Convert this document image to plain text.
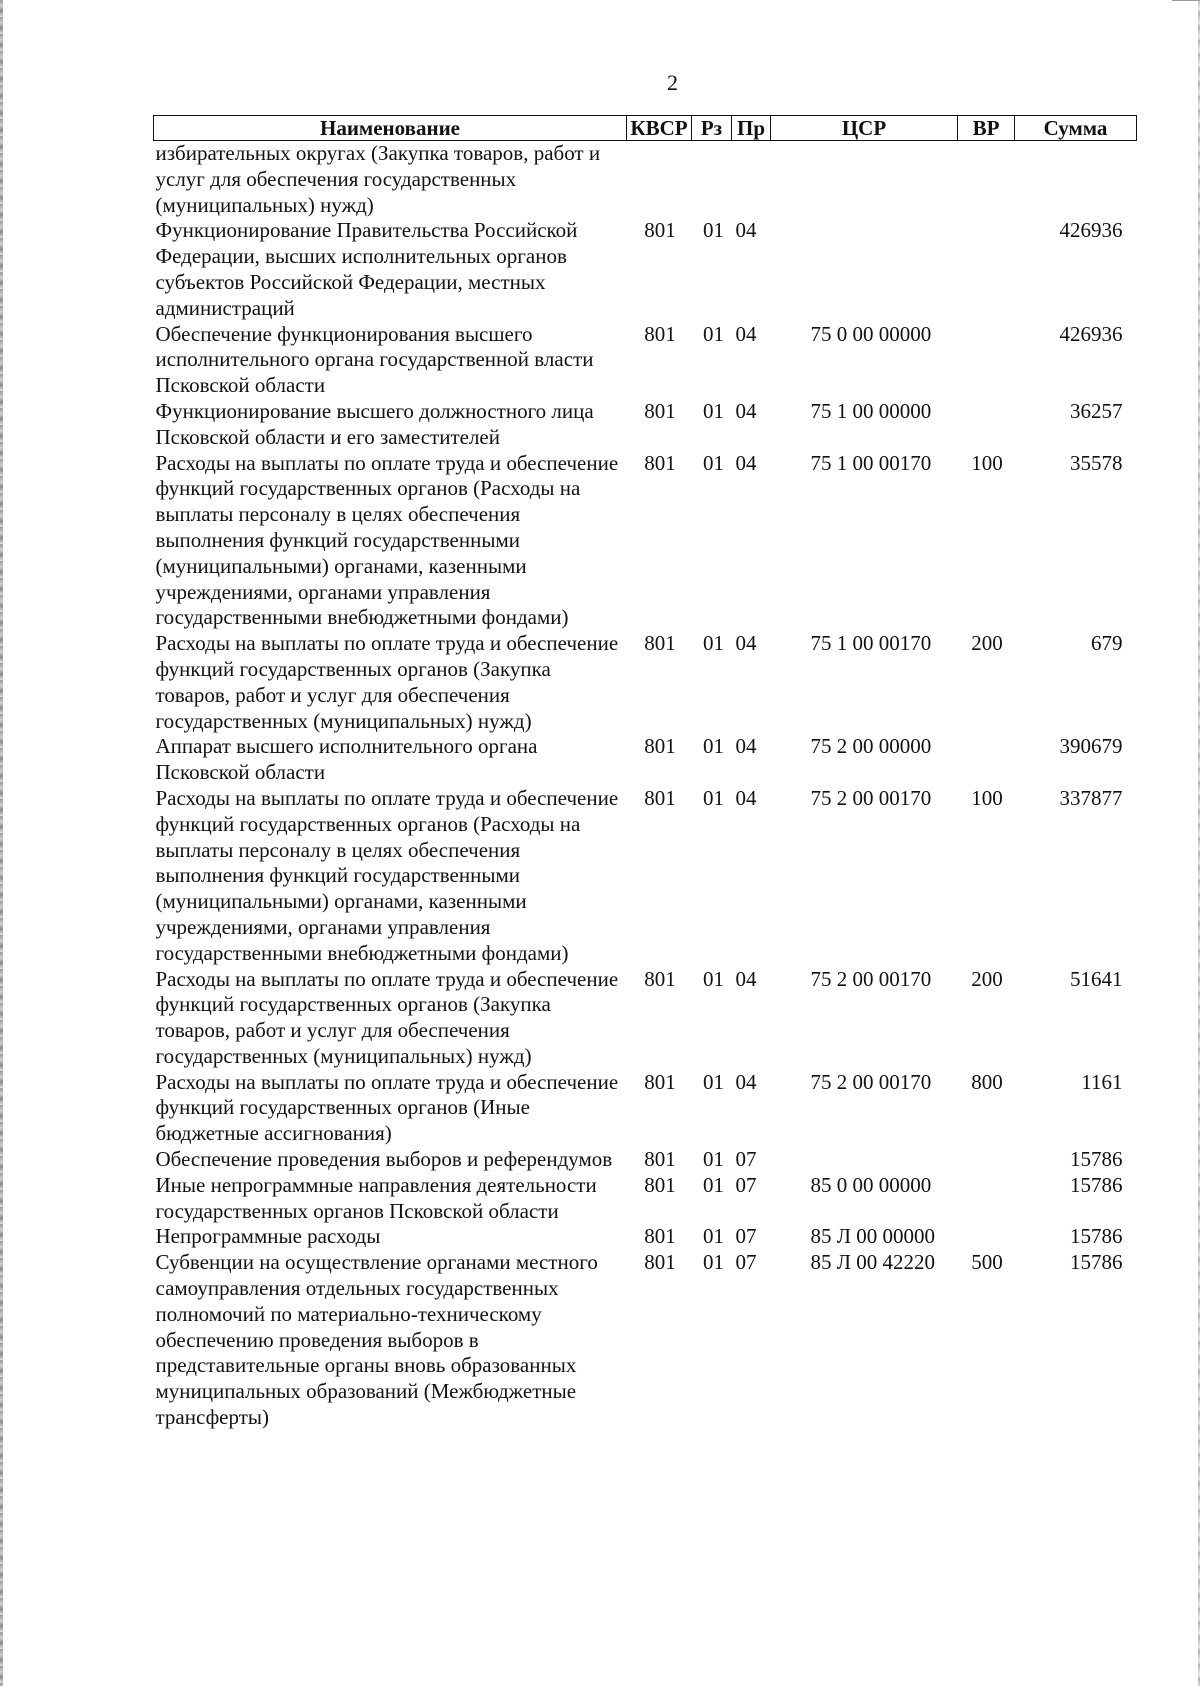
2
Наименование	КВСР	Рз	Пр	ЦСР	ВР	Сумма
избирательных округах (Закупка товаров, работ и услуг для обеспечения государственных (муниципальных) нужд)						
Функционирование Правительства Российской Федерации, высших исполнительных органов субъектов Российской Федерации, местных администраций	801	01	04			426936
Обеспечение функционирования высшего исполнительного органа государственной власти Псковской области	801	01	04	75 0 00 00000		426936
Функционирование высшего должностного лица Псковской области и его заместителей	801	01	04	75 1 00 00000		36257
Расходы на выплаты по оплате труда и обеспечение функций государственных органов (Расходы на выплаты персоналу в целях обеспечения выполнения функций государственными (муниципальными) органами, казенными учреждениями, органами управления государственными внебюджетными фондами)	801	01	04	75 1 00 00170	100	35578
Расходы на выплаты по оплате труда и обеспечение функций государственных органов (Закупка товаров, работ и услуг для обеспечения государственных (муниципальных) нужд)	801	01	04	75 1 00 00170	200	679
Аппарат высшего исполнительного органа Псковской области	801	01	04	75 2 00 00000		390679
Расходы на выплаты по оплате труда и обеспечение функций государственных органов (Расходы на выплаты персоналу в целях обеспечения выполнения функций государственными (муниципальными) органами, казенными учреждениями, органами управления государственными внебюджетными фондами)	801	01	04	75 2 00 00170	100	337877
Расходы на выплаты по оплате труда и обеспечение функций государственных органов (Закупка товаров, работ и услуг для обеспечения государственных (муниципальных) нужд)	801	01	04	75 2 00 00170	200	51641
Расходы на выплаты по оплате труда и обеспечение функций государственных органов (Иные бюджетные ассигнования)	801	01	04	75 2 00 00170	800	1161
Обеспечение проведения выборов и референдумов	801	01	07			15786
Иные непрограммные направления деятельности государственных органов Псковской области	801	01	07	85 0 00 00000		15786
Непрограммные расходы	801	01	07	85 Л 00 00000		15786
Субвенции на осуществление органами местного самоуправления отдельных государственных полномочий по материально-техническому обеспечению проведения выборов в представительные органы вновь образованных муниципальных образований (Межбюджетные трансферты)	801	01	07	85 Л 00 42220	500	15786
